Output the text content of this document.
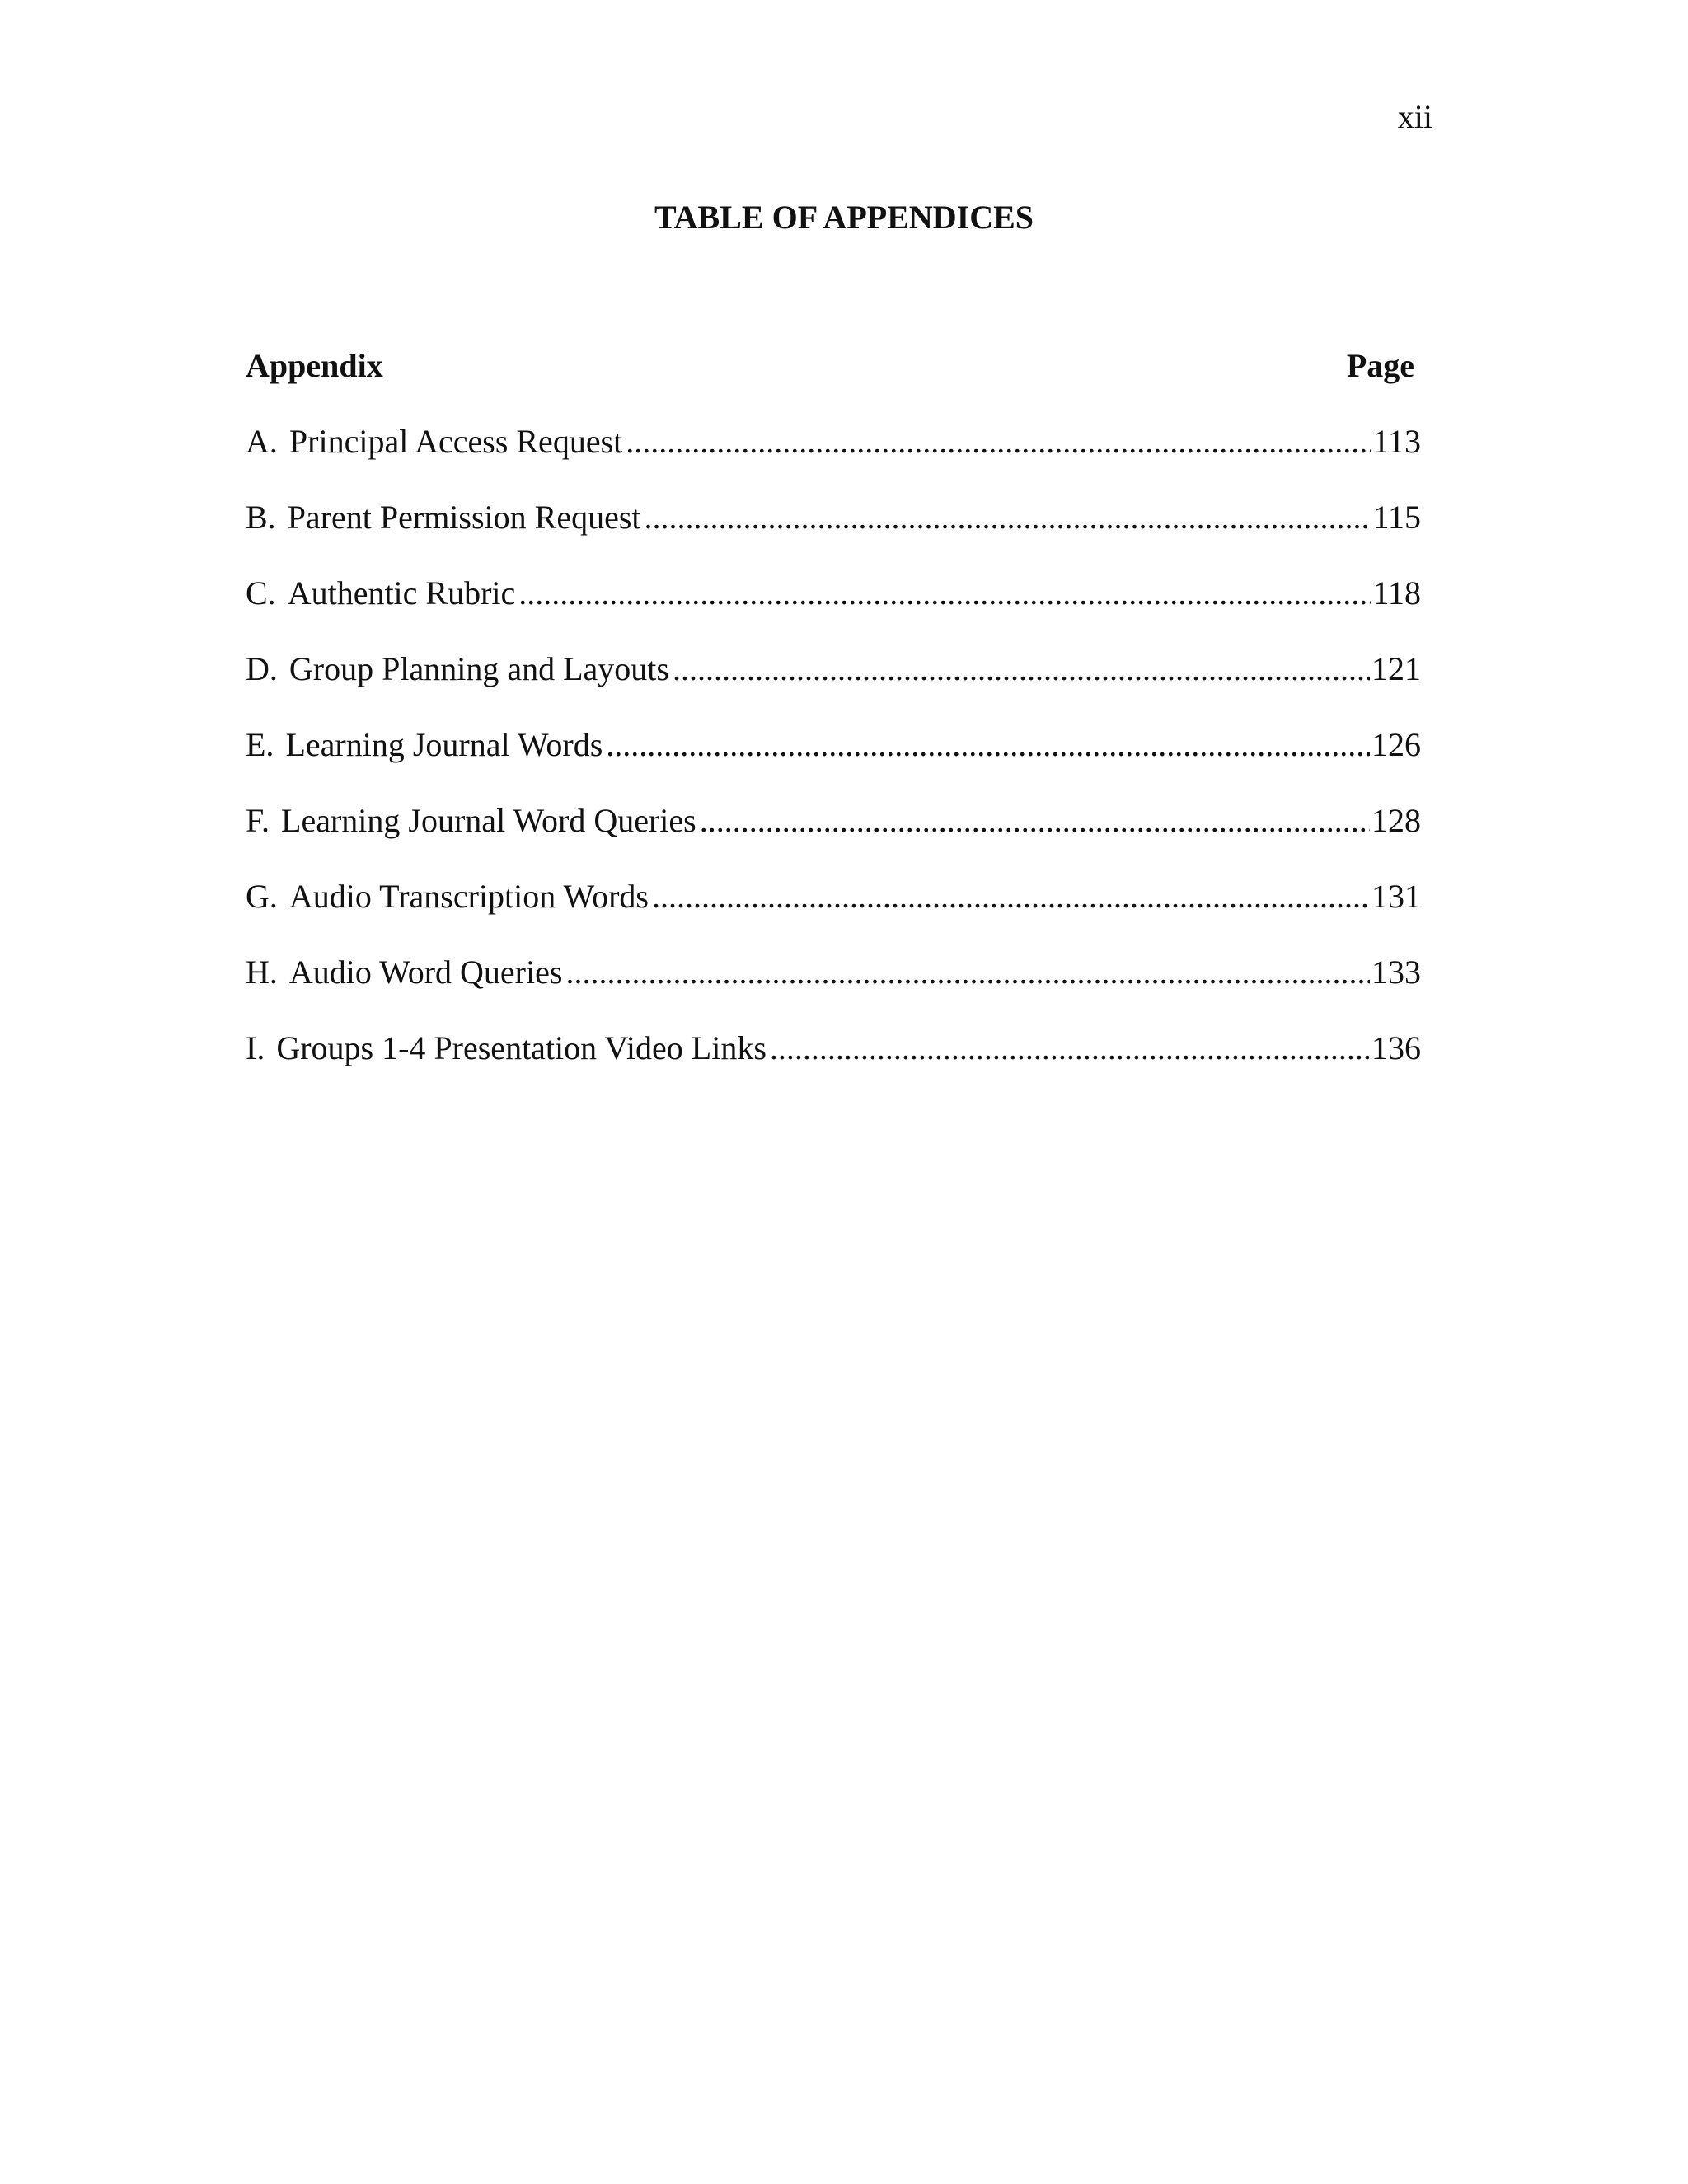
xii
TABLE OF APPENDICES
Appendix	Page
A. Principal Access Request .....	113
B. Parent Permission Request .....	115
C. Authentic Rubric .....	118
D. Group Planning and Layouts .....	121
E. Learning Journal Words .....	126
F. Learning Journal Word Queries .....	128
G. Audio Transcription Words .....	131
H. Audio Word Queries .....	133
I. Groups 1-4 Presentation Video Links .....	136
